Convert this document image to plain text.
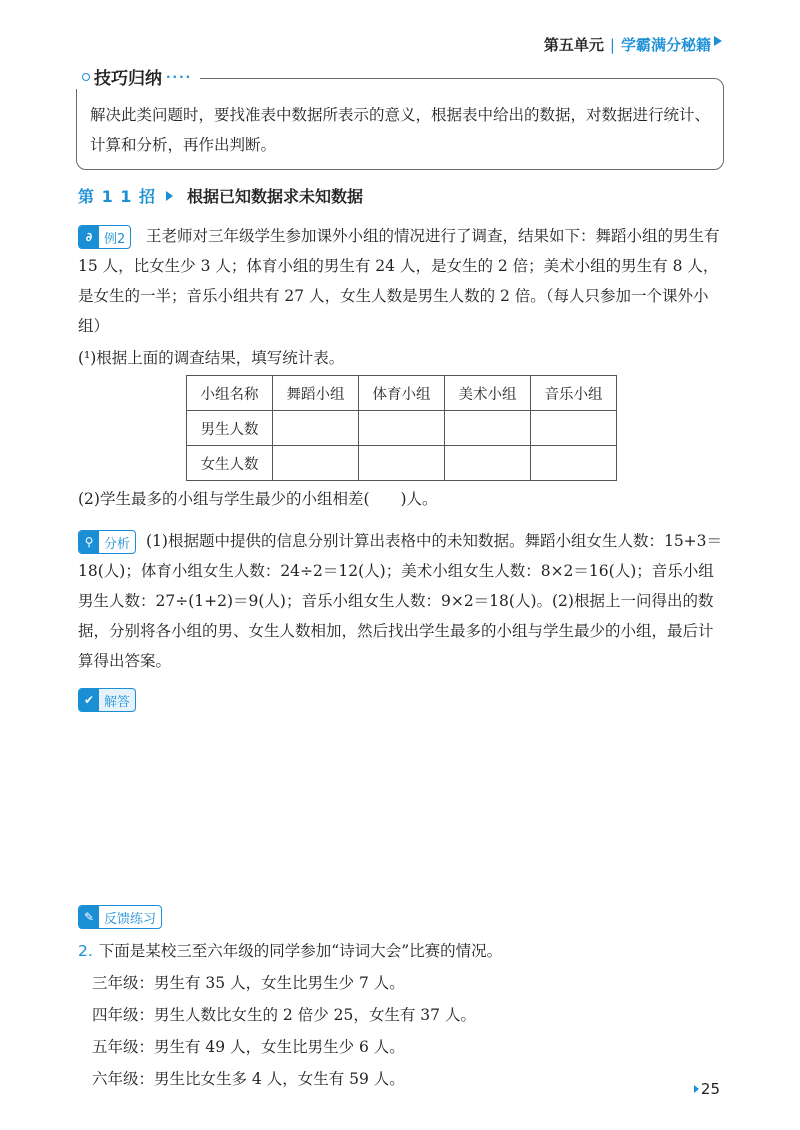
第五单元 | 学霸满分秘籍
技巧归纳 ····
解决此类问题时，要找准表中数据所表示的意义，根据表中给出的数据，对数据进行统计、计算和分析，再作出判断。
第 1 1 招 根据已知数据求未知数据
∂ 例2	王老师对三年级学生参加课外小组的情况进行了调查，结果如下：舞蹈小组的男生有 15 人，比女生少 3 人；体育小组的男生有 24 人，是女生的 2 倍；美术小组的男生有 8 人，是女生的一半；音乐小组共有 27 人，女生人数是男生人数的 2 倍。（每人只参加一个课外小组）
(¹)根据上面的调查结果，填写统计表。
小组名称	舞蹈小组	体育小组	美术小组	音乐小组
男生人数				
女生人数				
(2)学生最多的小组与学生最少的小组相差(　　)人。
⚲ 分析	(1)根据题中提供的信息分别计算出表格中的未知数据。舞蹈小组女生人数：15+3＝18(人)；体育小组女生人数：24÷2＝12(人)；美术小组女生人数：8×2＝16(人)；音乐小组男生人数：27÷(1+2)＝9(人)；音乐小组女生人数：9×2＝18(人)。(2)根据上一问得出的数据，分别将各小组的男、女生人数相加，然后找出学生最多的小组与学生最少的小组，最后计算得出答案。
✔ 解答
✎ 反馈练习
2. 下面是某校三至六年级的同学参加“诗词大会”比赛的情况。
三年级：男生有 35 人，女生比男生少 7 人。
四年级：男生人数比女生的 2 倍少 25，女生有 37 人。
五年级：男生有 49 人，女生比男生少 6 人。
六年级：男生比女生多 4 人，女生有 59 人。
25
